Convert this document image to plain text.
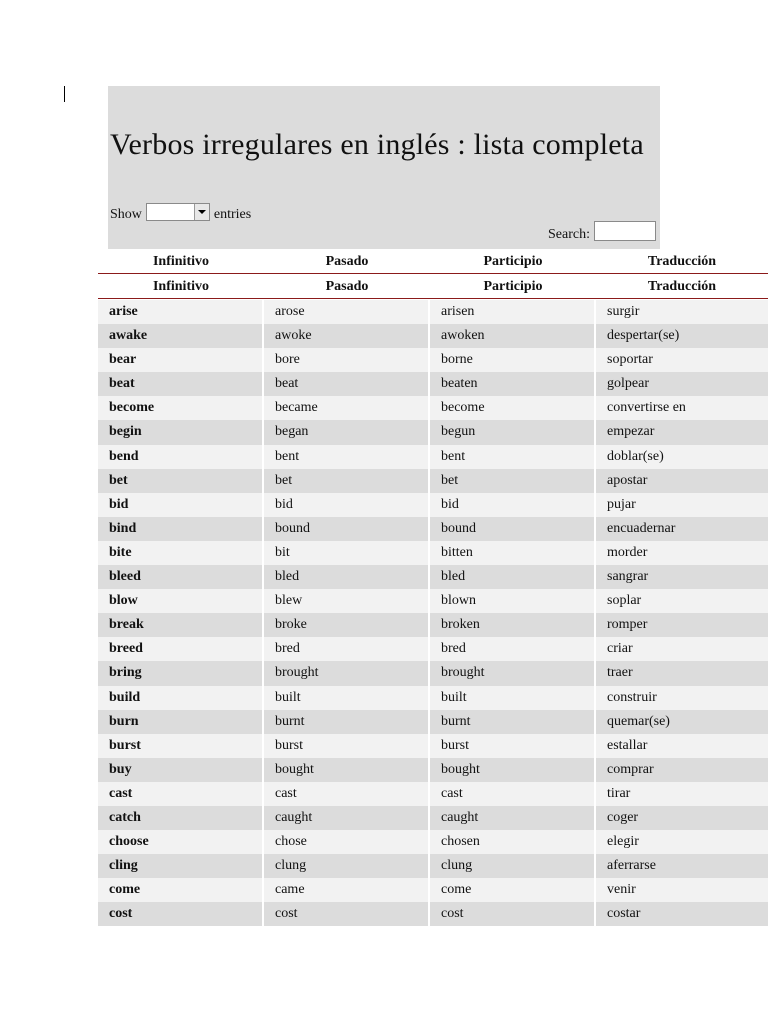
Verbos irregulares en inglés : lista completa
Show	entries
Search:
Infinitivo	Pasado	Participio	Traducción
Infinitivo	Pasado	Participio	Traducción
arise	arose	arisen	surgir
awake	awoke	awoken	despertar(se)
bear	bore	borne	soportar
beat	beat	beaten	golpear
become	became	become	convertirse en
begin	began	begun	empezar
bend	bent	bent	doblar(se)
bet	bet	bet	apostar
bid	bid	bid	pujar
bind	bound	bound	encuadernar
bite	bit	bitten	morder
bleed	bled	bled	sangrar
blow	blew	blown	soplar
break	broke	broken	romper
breed	bred	bred	criar
bring	brought	brought	traer
build	built	built	construir
burn	burnt	burnt	quemar(se)
burst	burst	burst	estallar
buy	bought	bought	comprar
cast	cast	cast	tirar
catch	caught	caught	coger
choose	chose	chosen	elegir
cling	clung	clung	aferrarse
come	came	come	venir
cost	cost	cost	costar
